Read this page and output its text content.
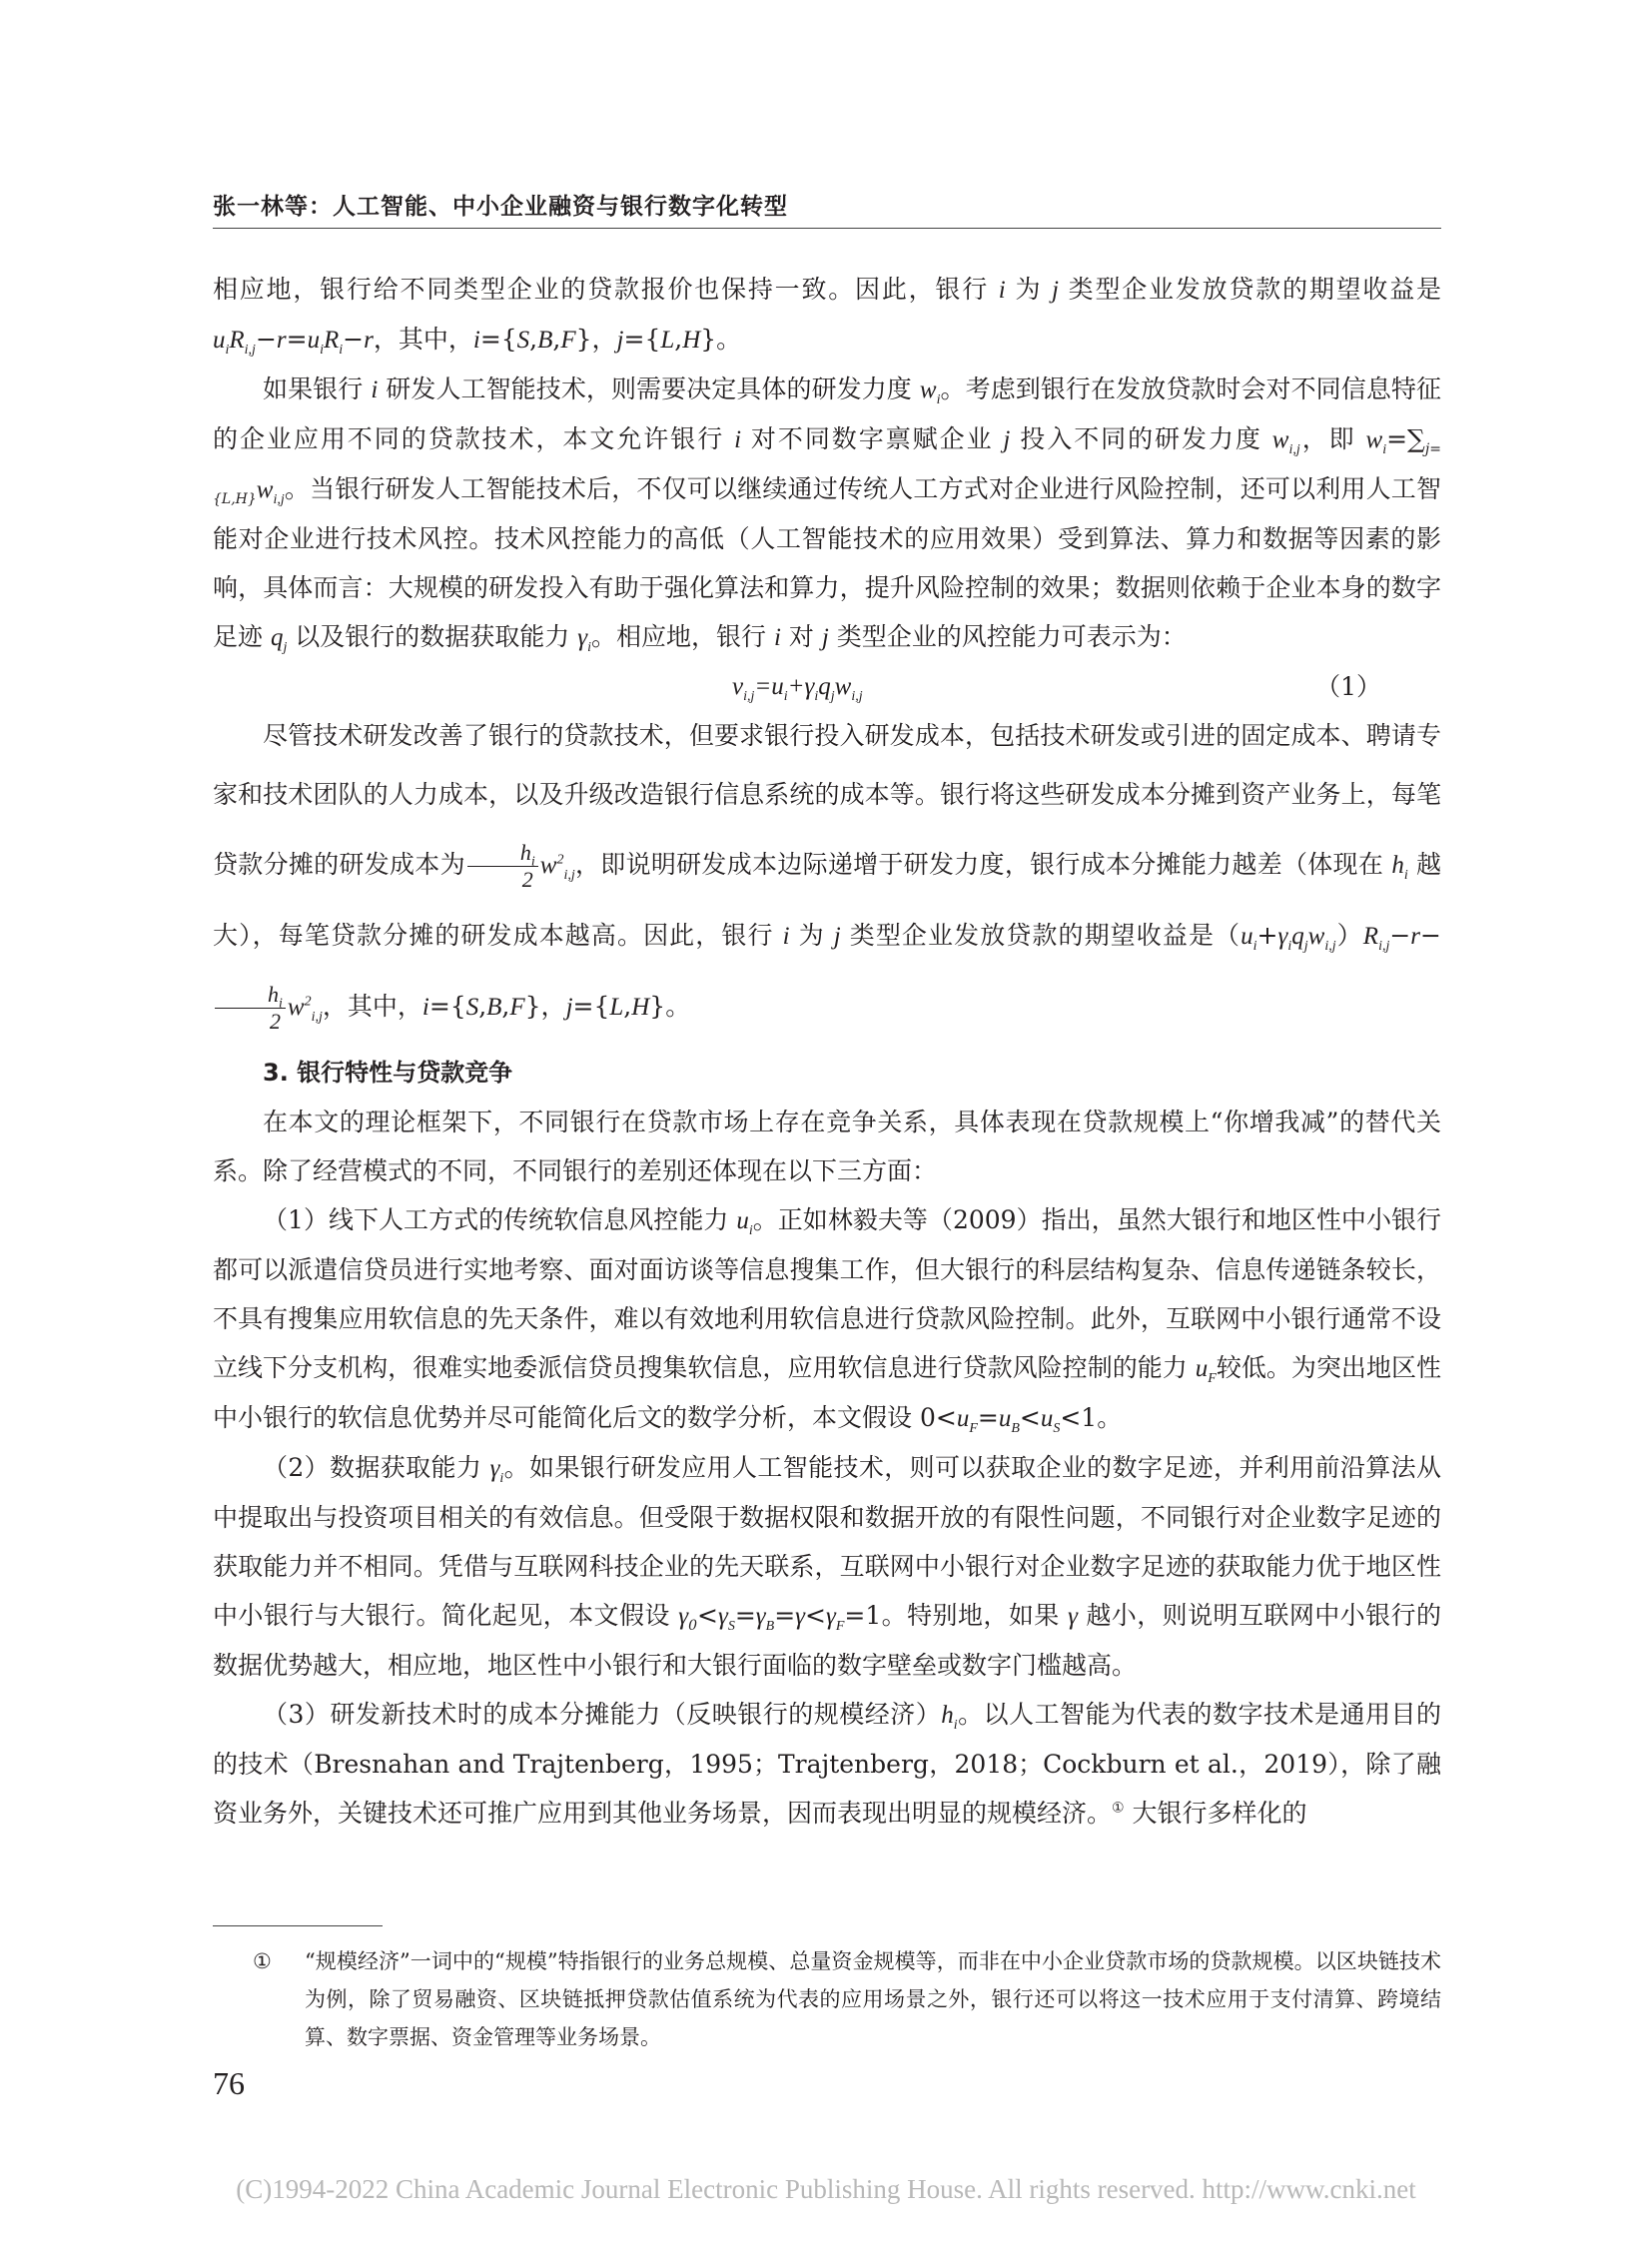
张一林等：人工智能、中小企业融资与银行数字化转型

相应地，银行给不同类型企业的贷款报价也保持一致。因此，银行 i 为 j 类型企业发放贷款的期望收益是 $u_iR_{i,j}-r=u_iR_i-r$，其中，i={S,B,F}，j={L,H}。

如果银行 i 研发人工智能技术，则需要决定具体的研发力度 $w_i$。考虑到银行在发放贷款时会对不同信息特征的企业应用不同的贷款技术，本文允许银行 i 对不同数字禀赋企业 j 投入不同的研发力度 $w_{i,j}$，即 $w_i=\sum_{j=\{L,H\}}w_{i,j}$。当银行研发人工智能技术后，不仅可以继续通过传统人工方式对企业进行风险控制，还可以利用人工智能对企业进行技术风控。技术风控能力的高低（人工智能技术的应用效果）受到算法、算力和数据等因素的影响，具体而言：大规模的研发投入有助于强化算法和算力，提升风险控制的效果；数据则依赖于企业本身的数字足迹 $q_j$ 以及银行的数据获取能力 $\gamma_i$。相应地，银行 i 对 j 类型企业的风控能力可表示为：

$v_{i,j}=u_i+\gamma_iq_jw_{i,j}$	（1）

尽管技术研发改善了银行的贷款技术，但要求银行投入研发成本，包括技术研发或引进的固定成本、聘请专家和技术团队的人力成本，以及升级改造银行信息系统的成本等。银行将这些研发成本分摊到资产业务上，每笔贷款分摊的研发成本为 $\frac{h_i}{2} w^2_{i,j}$，即说明研发成本边际递增于研发力度，银行成本分摊能力越差（体现在 $h_i$ 越大），每笔贷款分摊的研发成本越高。因此，银行 i 为 j 类型企业发放贷款的期望收益是$(u_i+\gamma_iq_jw_{i,j})R_{i,j}-r-$
$\frac{h_i}{2} w^2_{i,j}$，其中，i={S,B,F}，j={L,H}。

3. 银行特性与贷款竞争

在本文的理论框架下，不同银行在贷款市场上存在竞争关系，具体表现在贷款规模上“你增我减”的替代关系。除了经营模式的不同，不同银行的差别还体现在以下三方面：

（1）线下人工方式的传统软信息风控能力 $u_i$。正如林毅夫等（2009）指出，虽然大银行和地区性中小银行都可以派遣信贷员进行实地考察、面对面访谈等信息搜集工作，但大银行的科层结构复杂、信息传递链条较长，不具有搜集应用软信息的先天条件，难以有效地利用软信息进行贷款风险控制。此外，互联网中小银行通常不设立线下分支机构，很难实地委派信贷员搜集软信息，应用软信息进行贷款风险控制的能力 $u_F$较低。为突出地区性中小银行的软信息优势并尽可能简化后文的数学分析，本文假设 $0<u_F=u_B<u_S<1$。

（2）数据获取能力 $\gamma_i$。如果银行研发应用人工智能技术，则可以获取企业的数字足迹，并利用前沿算法从中提取出与投资项目相关的有效信息。但受限于数据权限和数据开放的有限性问题，不同银行对企业数字足迹的获取能力并不相同。凭借与互联网科技企业的先天联系，互联网中小银行对企业数字足迹的获取能力优于地区性中小银行与大银行。简化起见，本文假设 $\gamma_0<\gamma_S=\gamma_B=\gamma<\gamma_F=1$。特别地，如果 γ 越小，则说明互联网中小银行的数据优势越大，相应地，地区性中小银行和大银行面临的数字壁垒或数字门槛越高。

（3）研发新技术时的成本分摊能力（反映银行的规模经济）$h_i$。以人工智能为代表的数字技术是通用目的的技术（Bresnahan and Trajtenberg，1995；Trajtenberg，2018；Cockburn et al.，2019），除了融资业务外，关键技术还可推广应用到其他业务场景，因而表现出明显的规模经济。① 大银行多样化的

① “规模经济”一词中的“规模”特指银行的业务总规模、总量资金规模等，而非在中小企业贷款市场的贷款规模。以区块链技术为例，除了贸易融资、区块链抵押贷款估值系统为代表的应用场景之外，银行还可以将这一技术应用于支付清算、跨境结算、数字票据、资金管理等业务场景。
76
(C)1994-2022 China Academic Journal Electronic Publishing House. All rights reserved. http://www.cnki.net
